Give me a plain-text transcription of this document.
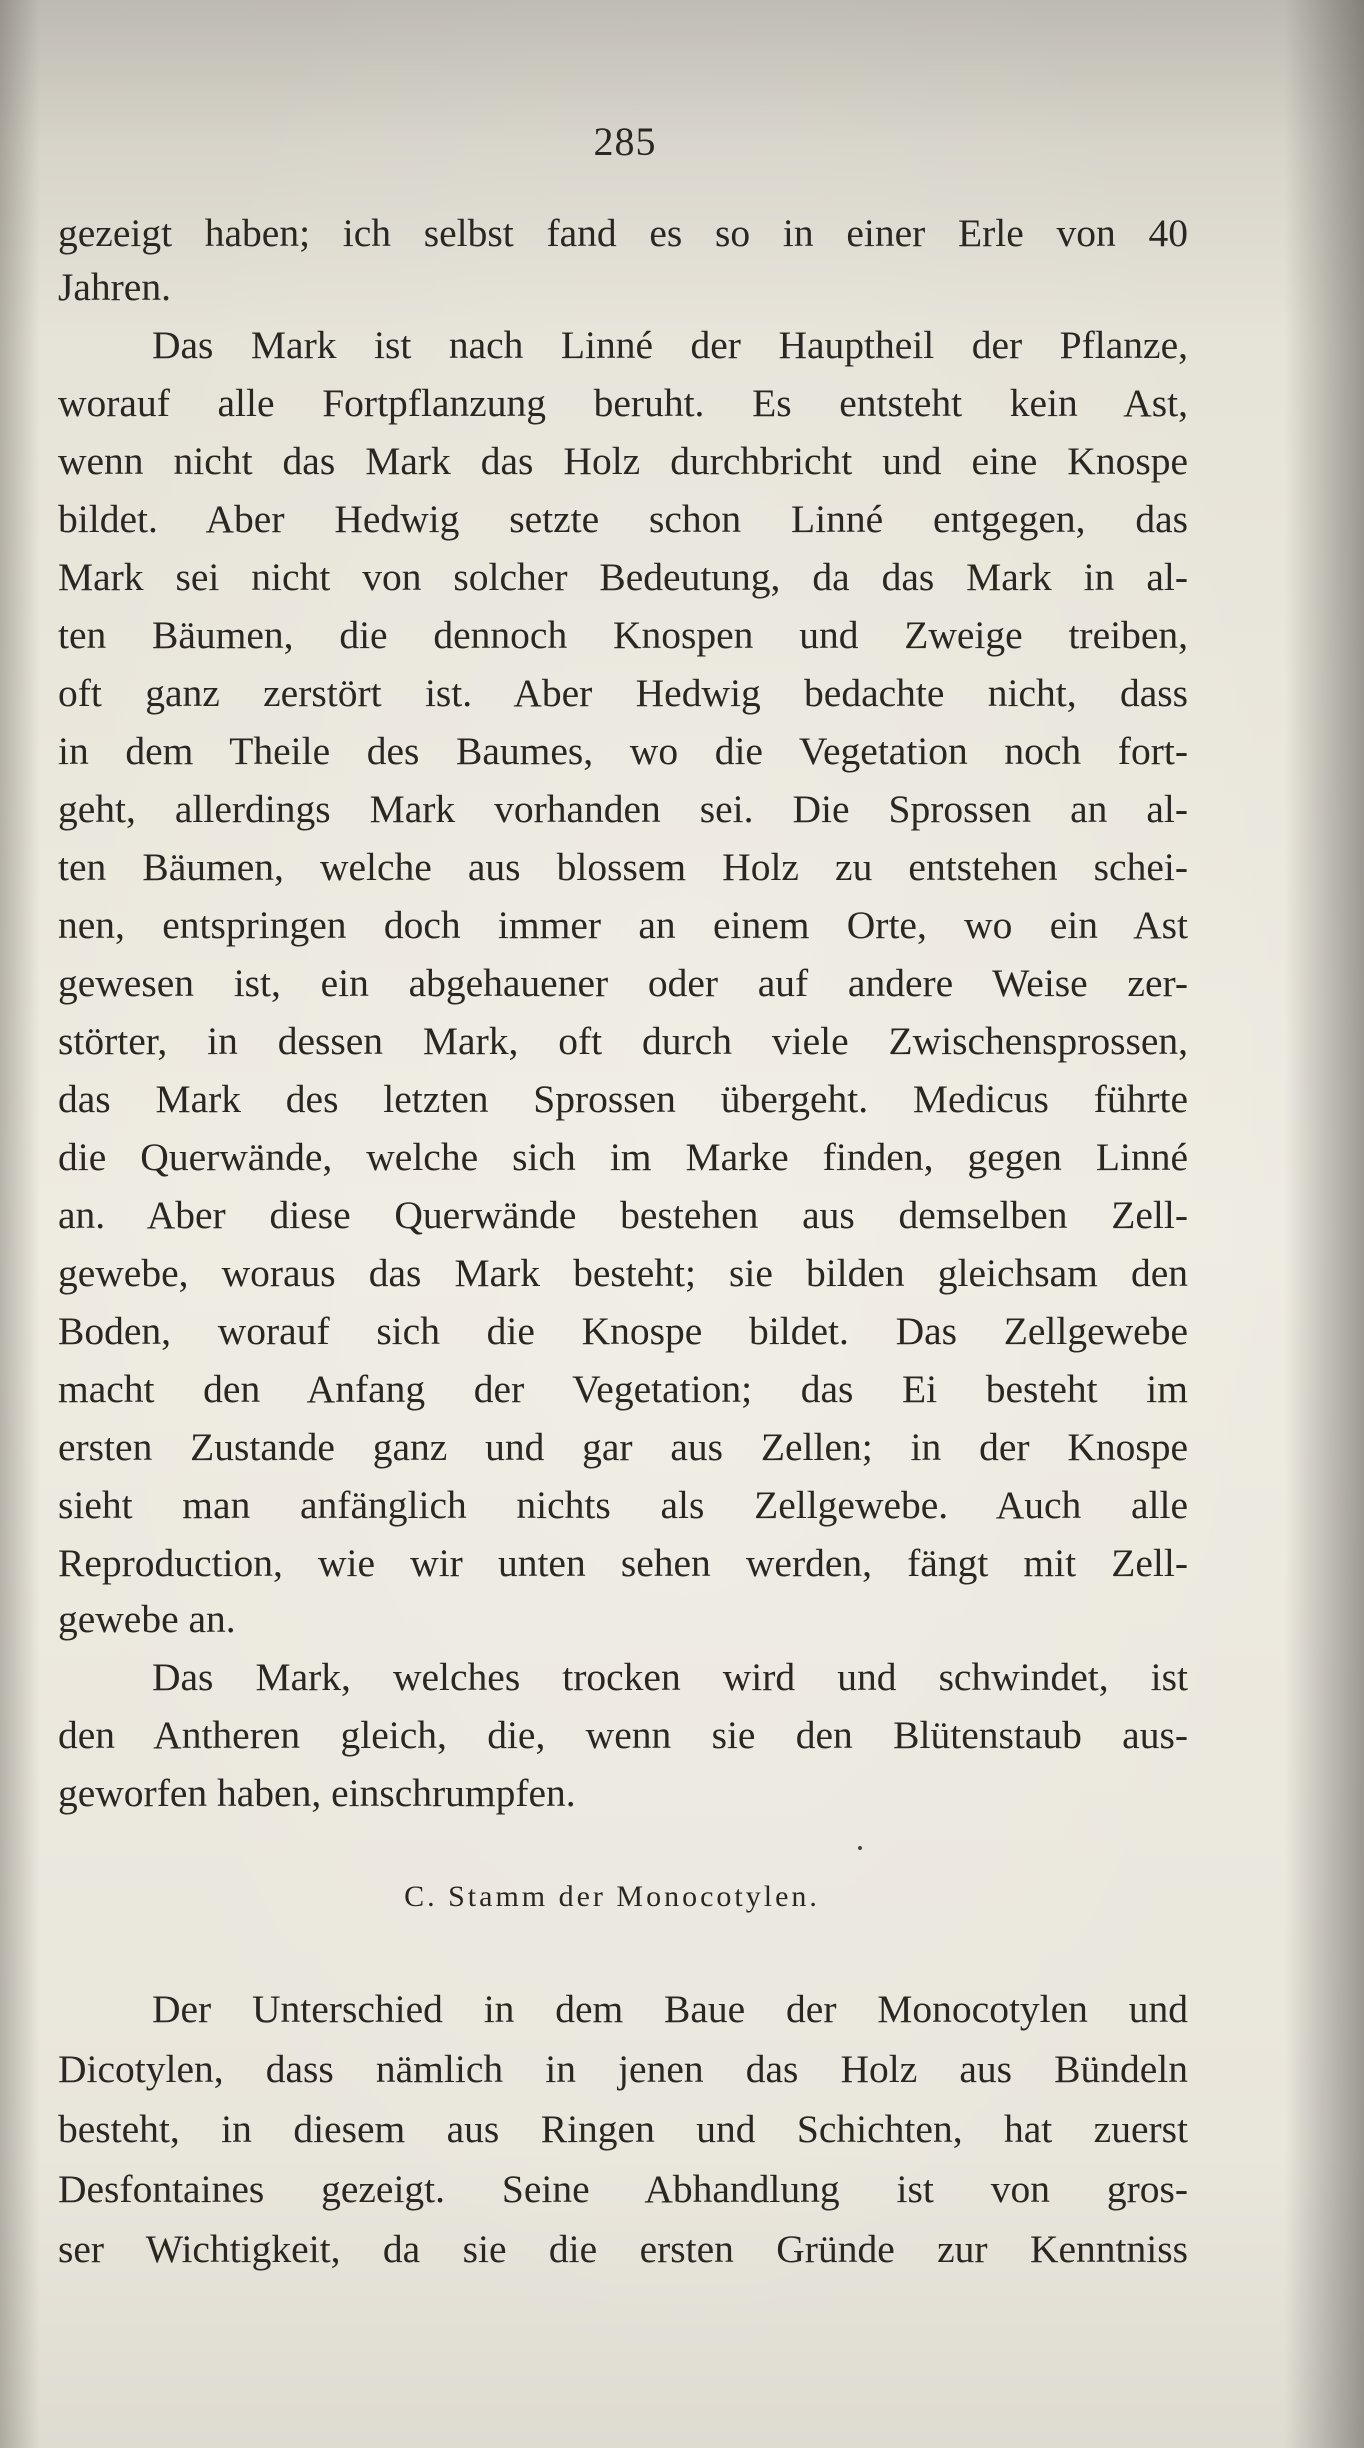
285
gezeigt haben; ich selbst fand es so in einer Erle von 40
Jahren.
Das Mark ist nach Linné der Hauptheil der Pflanze,
worauf alle Fortpflanzung beruht. Es entsteht kein Ast,
wenn nicht das Mark das Holz durchbricht und eine Knospe
bildet. Aber Hedwig setzte schon Linné entgegen, das
Mark sei nicht von solcher Bedeutung, da das Mark in al-
ten Bäumen, die dennoch Knospen und Zweige treiben,
oft ganz zerstört ist. Aber Hedwig bedachte nicht, dass
in dem Theile des Baumes, wo die Vegetation noch fort-
geht, allerdings Mark vorhanden sei. Die Sprossen an al-
ten Bäumen, welche aus blossem Holz zu entstehen schei-
nen, entspringen doch immer an einem Orte, wo ein Ast
gewesen ist, ein abgehauener oder auf andere Weise zer-
störter, in dessen Mark, oft durch viele Zwischensprossen,
das Mark des letzten Sprossen übergeht. Medicus führte
die Querwände, welche sich im Marke finden, gegen Linné
an. Aber diese Querwände bestehen aus demselben Zell-
gewebe, woraus das Mark besteht; sie bilden gleichsam den
Boden, worauf sich die Knospe bildet. Das Zellgewebe
macht den Anfang der Vegetation; das Ei besteht im
ersten Zustande ganz und gar aus Zellen; in der Knospe
sieht man anfänglich nichts als Zellgewebe. Auch alle
Reproduction, wie wir unten sehen werden, fängt mit Zell-
gewebe an.
Das Mark, welches trocken wird und schwindet, ist
den Antheren gleich, die, wenn sie den Blütenstaub aus-
geworfen haben, einschrumpfen.
C. Stamm der Monocotylen.
Der Unterschied in dem Baue der Monocotylen und
Dicotylen, dass nämlich in jenen das Holz aus Bündeln
besteht, in diesem aus Ringen und Schichten, hat zuerst
Desfontaines gezeigt. Seine Abhandlung ist von gros-
ser Wichtigkeit, da sie die ersten Gründe zur Kenntniss
